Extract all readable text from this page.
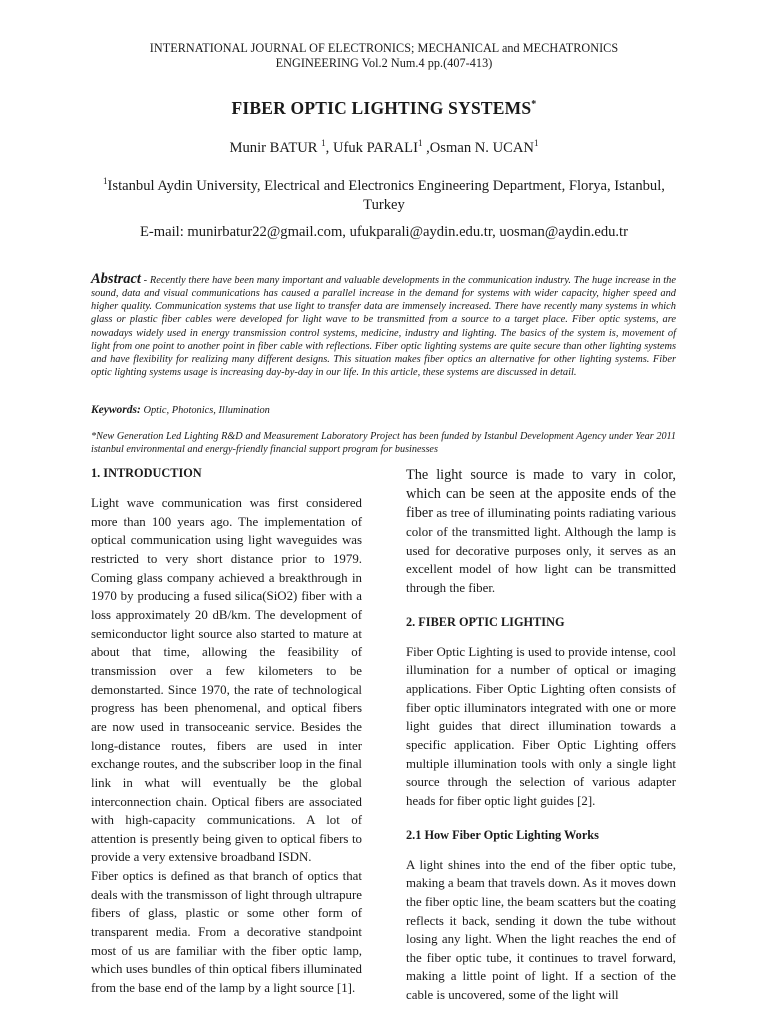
INTERNATIONAL JOURNAL OF ELECTRONICS; MECHANICAL and MECHATRONICS
ENGINEERING Vol.2 Num.4 pp.(407-413)
FIBER OPTIC LIGHTING SYSTEMS*
Munir BATUR $^1$, Ufuk PARALI$^1$ ,Osman N. UCAN$^1$
$^1$Istanbul Aydin University, Electrical and Electronics Engineering Department, Florya, Istanbul, Turkey
E-mail: munirbatur22@gmail.com, ufukparali@aydin.edu.tr, uosman@aydin.edu.tr
Abstract - Recently there have been many important and valuable developments in the communication industry. The huge increase in the sound, data and visual communications has caused a parallel increase in the demand for systems with wider capacity, higher speed and higher quality. Communication systems that use light to transfer data are immensely increased. There have recently many systems in which glass or plastic fiber cables were developed for light wave to be transmitted from a source to a target place. Fiber optic systems, are nowadays widely used in energy transmission control systems, medicine, industry and lighting. The basics of the system is, movement of light from one point to another point in fiber cable with reflections. Fiber optic lighting systems are quite secure than other lighting systems and have flexibility for realizing many different designs. This situation makes fiber optics an alternative for other lighting systems. Fiber optic lighting systems usage is increasing day-by-day in our life. In this article, these systems are discussed in detail.
Keywords: Optic, Photonics, Illumination
*New Generation Led Lighting R&D and Measurement Laboratory Project has been funded by Istanbul Development Agency under Year 2011 istanbul environmental and energy-friendly financial support program for businesses
1. INTRODUCTION

Light wave communication was first considered more than 100 years ago. The implementation of optical communication using light waveguides was restricted to very short distance prior to 1979. Coming glass company achieved a breakthrough in 1970 by producing a fused silica(SiO2) fiber with a loss approximately 20 dB/km. The development of semiconductor light source also started to mature at about that time, allowing the feasibility of transmission over a few kilometers to be demonstarted. Since 1970, the rate of technological progress has been phenomenal, and optical fibers are now used in transoceanic service. Besides the long-distance routes, fibers are used in inter exchange routes, and the subscriber loop in the final link in what will eventually be the global interconnection chain. Optical fibers are associated with high-capacity communications. A lot of attention is presently being given to optical fibers to provide a very extensive broadband ISDN.

Fiber optics is defined as that branch of optics that deals with the transmisson of light through ultrapure fibers of glass, plastic or some other form of transparent media. From a decorative standpoint most of us are familiar with the fiber optic lamp, which uses bundles of thin optical fibers illuminated from the base end of the lamp by a light source [1].

The light source is made to vary in color, which can be seen at the apposite ends of the fiber as tree of illuminating points radiating various color of the transmitted light. Although the lamp is used for decorative purposes only, it serves as an excellent model of how light can be transmitted through the fiber.

2. FIBER OPTIC LIGHTING

Fiber Optic Lighting is used to provide intense, cool illumination for a number of optical or imaging applications. Fiber Optic Lighting often consists of fiber optic illuminators integrated with one or more light guides that direct illumination towards a specific application. Fiber Optic Lighting offers multiple illumination tools with only a single light source through the selection of various adapter heads for fiber optic light guides [2].

2.1 How Fiber Optic Lighting Works

A light shines into the end of the fiber optic tube, making a beam that travels down. As it moves down the fiber optic line, the beam scatters but the coating reflects it back, sending it down the tube without losing any light. When the light reaches the end of the fiber optic tube, it continues to travel forward, making a little point of light. If a section of the cable is uncovered, some of the light will
